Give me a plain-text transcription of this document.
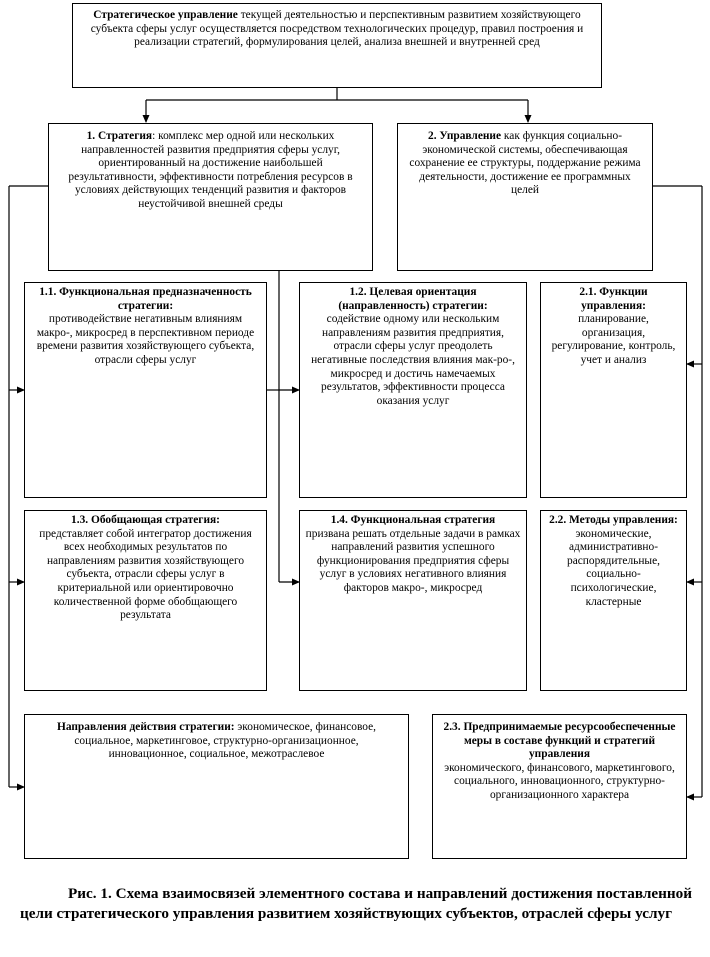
Стратегическое управление текущей деятельностью и перспективным развитием хозяйствующего субъекта сферы услуг осуществляется посредством технологических процедур, правил построения и реализации стратегий, формулирования целей, анализа внешней и внутренней сред
1. Стратегия: комплекс мер одной или нескольких направленностей развития предприятия сферы услуг, ориентированный на достижение наибольшей результативности, эффективности потребления ресурсов в условиях действующих тенденций развития и факторов неустойчивой внешней среды
2. Управление как функция социально-экономической системы, обеспечивающая сохранение ее структуры, поддержание режима деятельности, достижение ее программных целей
1.1. Функциональная предназначенность стратегии:
противодействие негативным влияниям макро-, микросред в перспективном периоде времени развития хозяйствующего субъекта, отрасли сферы услуг
1.2. Целевая ориентация (направленность) стратегии:
содействие одному или нескольким направлениям развития предприятия, отрасли сферы услуг преодолеть негативные последствия влияния мак-ро-, микросред и достичь намечаемых результатов, эффективности процесса оказания услуг
2.1. Функции управления:
планирование, организация, регулирование, контроль, учет и анализ
1.3. Обобщающая стратегия:
представляет собой интегратор достижения всех необходимых результатов по направлениям развития хозяйствующего субъекта, отрасли сферы услуг в критериальной или ориентировочно количественной форме обобщающего результата
1.4. Функциональная стратегия
призвана решать отдельные задачи в рамках направлений развития успешного функционирования предприятия сферы услуг в условиях негативного влияния факторов макро-, микросред
2.2. Методы управления:
экономические, административно-распорядительные, социально-психологические, кластерные
Направления действия стратегии: экономическое, финансовое, социальное, маркетинговое, структурно-организационное, инновационное, социальное, межотраслевое
2.3. Предпринимаемые ресурсообеспеченные меры в составе функций и стратегий управления
экономического, финансового, маркетингового, социального, инновационного, структурно-организационного характера
Рис. 1. Схема взаимосвязей элементного состава и направлений достижения поставленной цели стратегического управления развитием хозяйствующих субъектов, отраслей сферы услуг
